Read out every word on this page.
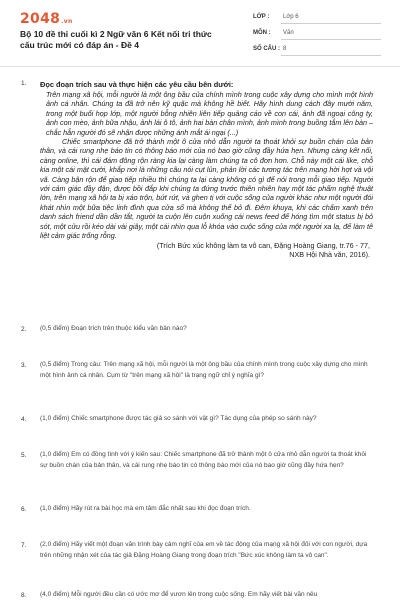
2048.vn
Bộ 10 đề thi cuối kì 2 Ngữ văn 6 Kết nối tri thức cấu trúc mới có đáp án - Đề 4
LỚP : Lớp 6
MÔN : Văn
SỐ CÂU : 8
1. Đọc đoạn trích sau và thực hiện các yêu cầu bên dưới:

Trên mạng xã hội, mỗi người là một ông bầu của chính mình trong cuộc xây dựng cho mình một hình ảnh cá nhân. Chúng ta đã trở nên kỹ quặc mà không hề biết. Hãy hình dung cách đây mười năm, trong một buổi họp lớp, một người bỗng nhiên liên tiếp quảng cáo về con cái, ảnh đã ngoại công ty, ảnh con mèo, ảnh bữa nhậu, ảnh lái ô tô, ảnh hai bàn chân mình, ảnh mình trong buồng tắm lên bàn – chắc hẳn người đó sẽ nhận được những ánh mắt ái ngại (...)

Chiếc smartphone đã trở thành một ô cửa nhỏ dẫn người ta thoát khỏi sự buồn chán của bản thân, và cái rung nhẹ báo tin có thông báo mới của nó bao giờ cũng đầy hứa hẹn. Nhưng càng kết nối, càng online, thì cái đám đông rộn ràng kia lại càng làm chúng ta cô đơn hơn. Chỗ này một cái like, chỗ kia một cái mặt cười, khắp nơi là những câu nói cụt lủn, phản lời các tương tác trên mạng hời hợt và vội vã. Càng bận rộn để giao tiếp nhiều thì chúng ta lại càng không có gì để nói trong mỗi giao tiếp. Người với cảm giác đầy đặn, được bồi đắp khi chúng ta đứng trước thiên nhiên hay một tác phẩm nghệ thuật lớn, trên mạng xã hội ta bị xáo trộn, bứt rứt, và ghen tị với cuộc sống của người khác như một người đói khát nhìn một bữa tiệc linh đình qua cửa sổ mà không thể bỏ đi. Đêm khuya, khi các chấm xanh trên danh sách friend dần dần tắt, người ta cuộn lên cuộn xuống cái news feed để hóng tìm một status bị bỏ sót, một cửu rồi kéo dài vài giây, một cái nhìn qua lỗ khóa vào cuộc sống của một người xa lạ, để làm tê liệt cảm giác trống rỗng.

(Trích Bức xúc không làm ta vô can, Đặng Hoàng Giang, tr.76 - 77,
NXB Hội Nhà văn, 2016).
2. (0,5 điểm) Đoạn trích trên thuộc kiểu văn bản nào?
3. (0,5 điểm) Trong câu: Trên mạng xã hội, mỗi người là một ông bầu của chính mình trong cuộc xây dựng cho mình một hình ảnh cá nhân. Cụm từ "trên mạng xã hội" là trạng ngữ chỉ ý nghĩa gì?
4. (1,0 điểm) Chiếc smartphone được tác giả so sánh với vật gì? Tác dụng của phép so sánh này?
5. (1,0 điểm) Em có đồng tình với ý kiến sau: Chiếc smartphone đã trở thành một ô cửa nhỏ dẫn người ta thoát khỏi sự buồn chán của bản thân, và cái rung nhẹ báo tin có thông báo mới của nó bao giờ cũng đầy hứa hẹn?
6. (1,0 điểm) Hãy rút ra bài học mà em tâm đắc nhất sau khi đọc đoạn trích.
7. (2,0 điểm) Hãy viết một đoạn văn trình bày cảm nghĩ của em về tác động của mạng xã hội đối với con người, dựa trên những nhận xét của tác giả Đặng Hoàng Giang trong đoạn trích "Bức xúc không làm ta vô can".
8. (4,0 điểm) Mỗi người đều cần có ước mơ để vươn lên trong cuộc sống. Em hãy viết bài văn nêu
